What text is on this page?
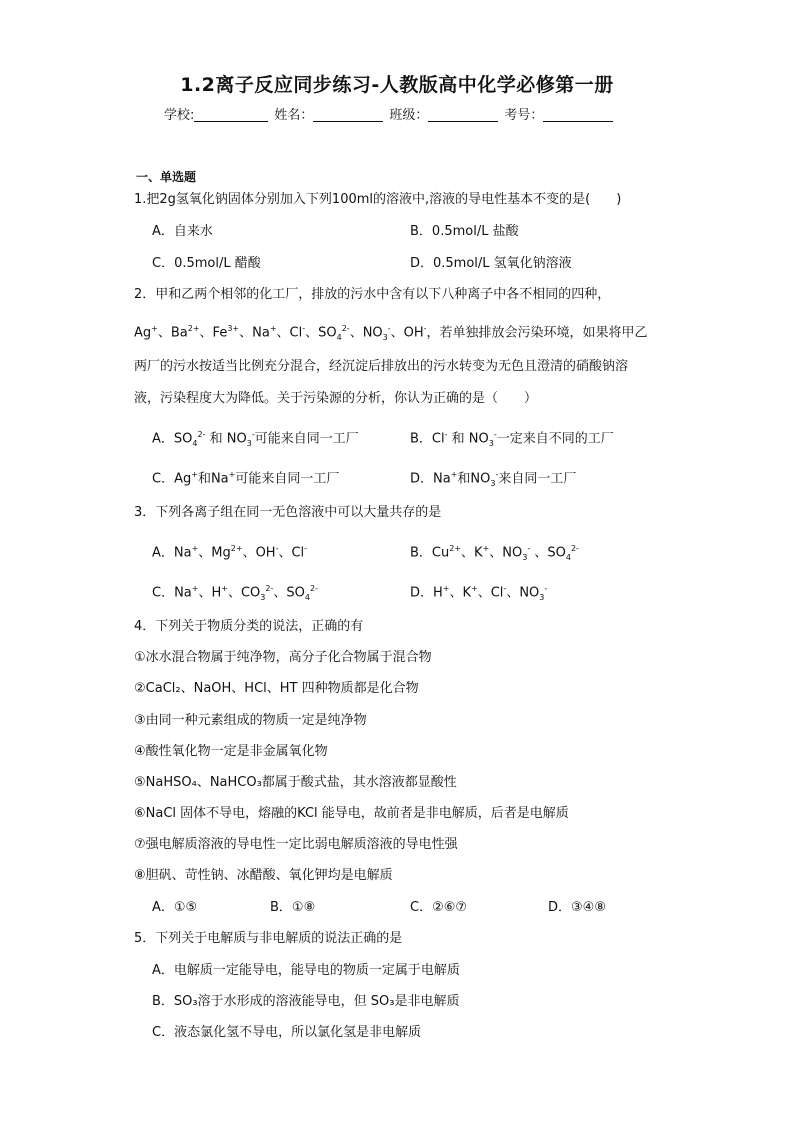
1.2离子反应同步练习-人教版高中化学必修第一册
学校:	姓名：	班级：	考号：
一、单选题
1.把2g氢氧化钠固体分别加入下列100ml的溶液中,溶液的导电性基本不变的是(　　)
A．自来水	B．0.5mol/L 盐酸
C．0.5mol/L 醋酸	D．0.5mol/L 氢氧化钠溶液
2．甲和乙两个相邻的化工厂，排放的污水中含有以下八种离子中各不相同的四种，
Ag+、$Ba^{2+}$、$Fe^{3+}$、Na+、Cl-、$SO_4^{2-}$、$NO_3^-$、OH-，若单独排放会污染环境，如果将甲乙
两厂的污水按适当比例充分混合，经沉淀后排放出的污水转变为无色且澄清的硝酸钠溶
液，污染程度大为降低。关于污染源的分析，你认为正确的是（　　）
A．$SO_4^{2-}$ 和 $NO_3^-$可能来自同一工厂	B．Cl- 和 $NO_3^-$一定来自不同的工厂
C．Ag+和Na+可能来自同一工厂	D．Na+和$NO_3^-$来自同一工厂
3．下列各离子组在同一无色溶液中可以大量共存的是
A．Na+、$Mg^{2+}$、OH-、Cl-	B．$Cu^{2+}$、K+、$NO_3^-$ 、$SO_4^{2-}$
C．Na+、H+、$CO_3^{2-}$、$SO_4^{2-}$	D．H+、K+、Cl-、$NO_3^-$
4．下列关于物质分类的说法，正确的有
①冰水混合物属于纯净物，高分子化合物属于混合物
②CaCl₂、NaOH、HCl、HT 四种物质都是化合物
③由同一种元素组成的物质一定是纯净物
④酸性氧化物一定是非金属氧化物
⑤NaHSO₄、NaHCO₃都属于酸式盐，其水溶液都显酸性
⑥NaCl 固体不导电，熔融的KCl 能导电，故前者是非电解质，后者是电解质
⑦强电解质溶液的导电性一定比弱电解质溶液的导电性强
⑧胆矾、苛性钠、冰醋酸、氧化钾均是电解质
A．①⑤	B．①⑧	C．②⑥⑦	D．③④⑧
5．下列关于电解质与非电解质的说法正确的是
A．电解质一定能导电，能导电的物质一定属于电解质
B．SO₃溶于水形成的溶液能导电，但 SO₃是非电解质
C．液态氯化氢不导电，所以氯化氢是非电解质
